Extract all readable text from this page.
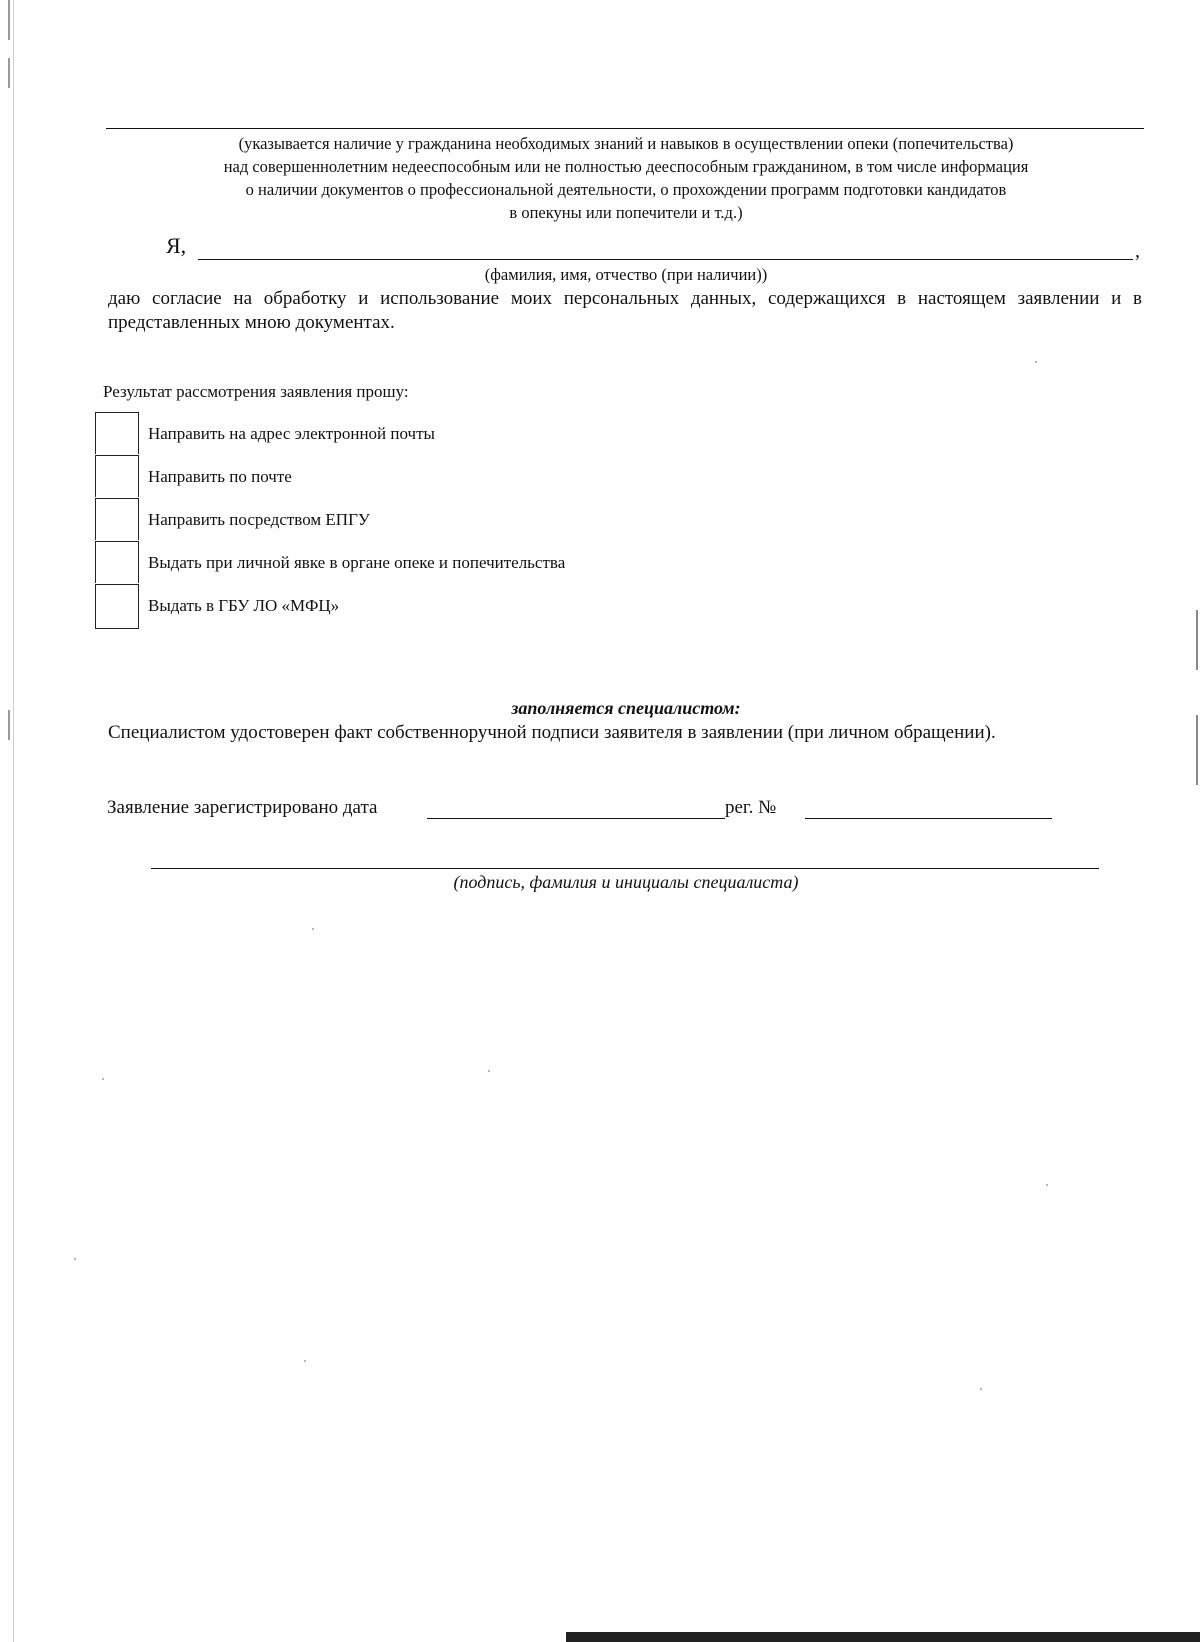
(указывается наличие у гражданина необходимых знаний и навыков в осуществлении опеки (попечительства)
над совершеннолетним недееспособным или не полностью дееспособным гражданином, в том числе информация
о наличии документов о профессиональной деятельности, о прохождении программ подготовки кандидатов
в опекуны или попечители и т.д.)
Я,	,
(фамилия, имя, отчество (при наличии))
даю согласие на обработку и использование моих персональных данных, содержащихся в настоящем заявлении и в представленных мною документах.
Результат рассмотрения заявления прошу:
Направить на адрес электронной почты
Направить по почте
Направить посредством ЕПГУ
Выдать при личной явке в органе опеке и попечительства
Выдать в ГБУ ЛО «МФЦ»
заполняется специалистом:
Специалистом удостоверен факт собственноручной подписи заявителя в заявлении (при личном обращении).
Заявление зарегистрировано дата	рег. №
(подпись, фамилия и инициалы специалиста)
